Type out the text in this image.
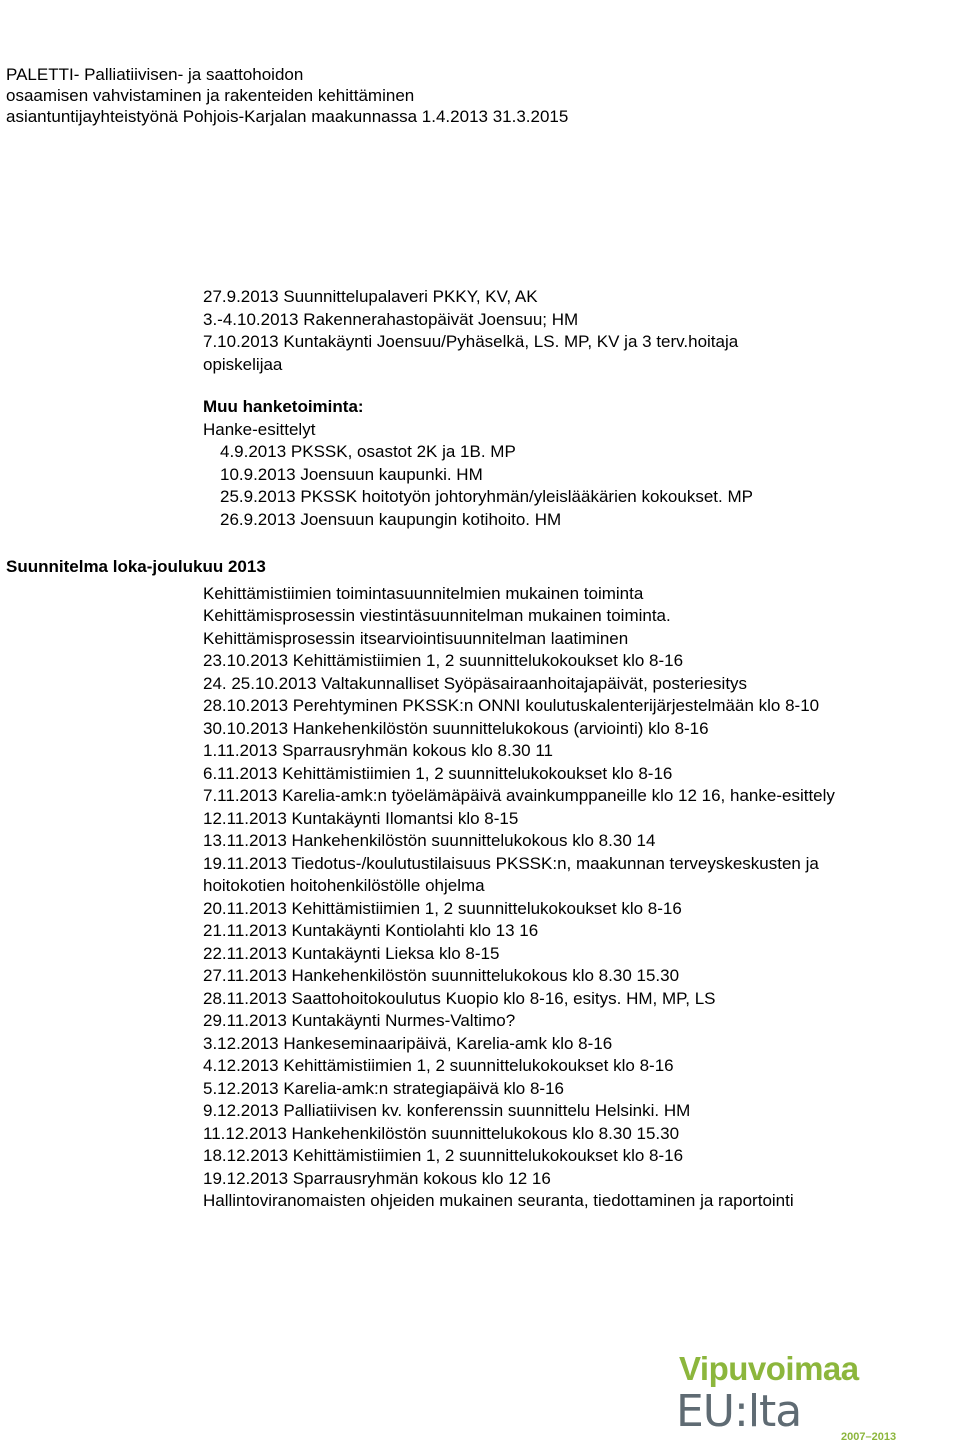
PALETTI- Palliatiivisen- ja saattohoidon
osaamisen vahvistaminen ja rakenteiden kehittäminen
asiantuntijayhteistyönä Pohjois-Karjalan maakunnassa 1.4.2013 31.3.2015
27.9.2013 Suunnittelupalaveri PKKY, KV, AK
3.-4.10.2013 Rakennerahastopäivät Joensuu; HM
7.10.2013 Kuntakäynti Joensuu/Pyhäselkä, LS. MP, KV ja 3 terv.hoitaja
opiskelijaa
Muu hanketoiminta:
Hanke-esittelyt
4.9.2013 PKSSK, osastot 2K ja 1B. MP
10.9.2013 Joensuun kaupunki. HM
25.9.2013 PKSSK hoitotyön johtoryhmän/yleislääkärien kokoukset. MP
26.9.2013 Joensuun kaupungin kotihoito. HM
Suunnitelma loka-joulukuu 2013
Kehittämistiimien toimintasuunnitelmien mukainen toiminta
Kehittämisprosessin viestintäsuunnitelman mukainen toiminta.
Kehittämisprosessin itsearviointisuunnitelman laatiminen
23.10.2013 Kehittämistiimien 1, 2 suunnittelukokoukset klo 8-16
24. 25.10.2013 Valtakunnalliset Syöpäsairaanhoitajapäivät, posteriesitys
28.10.2013 Perehtyminen PKSSK:n ONNI koulutuskalenterijärjestelmään klo 8-10
30.10.2013 Hankehenkilöstön suunnittelukokous (arviointi) klo 8-16
1.11.2013 Sparrausryhmän kokous klo 8.30 11
6.11.2013 Kehittämistiimien 1, 2 suunnittelukokoukset klo 8-16
7.11.2013 Karelia-amk:n työelämäpäivä avainkumppaneille klo 12 16, hanke-esittely
12.11.2013 Kuntakäynti Ilomantsi klo 8-15
13.11.2013 Hankehenkilöstön suunnittelukokous klo 8.30 14
19.11.2013 Tiedotus-/koulutustilaisuus PKSSK:n, maakunnan terveyskeskusten ja hoitokotien hoitohenkilöstölle ohjelma
20.11.2013 Kehittämistiimien 1, 2 suunnittelukokoukset klo 8-16
21.11.2013 Kuntakäynti Kontiolahti klo 13 16
22.11.2013 Kuntakäynti Lieksa klo 8-15
27.11.2013 Hankehenkilöstön suunnittelukokous klo 8.30 15.30
28.11.2013 Saattohoitokoulutus Kuopio klo 8-16, esitys. HM, MP, LS
29.11.2013 Kuntakäynti Nurmes-Valtimo?
3.12.2013 Hankeseminaaripäivä, Karelia-amk klo 8-16
4.12.2013 Kehittämistiimien 1, 2 suunnittelukokoukset klo 8-16
5.12.2013 Karelia-amk:n strategiapäivä klo 8-16
9.12.2013 Palliatiivisen kv. konferenssin suunnittelu Helsinki. HM
11.12.2013 Hankehenkilöstön suunnittelukokous klo 8.30 15.30
18.12.2013 Kehittämistiimien 1, 2 suunnittelukokoukset klo 8-16
19.12.2013 Sparrausryhmän kokous klo 12 16
Hallintoviranomaisten ohjeiden mukainen seuranta, tiedottaminen ja raportointi
Vipuvoimaa
EU:lta	2007–2013
